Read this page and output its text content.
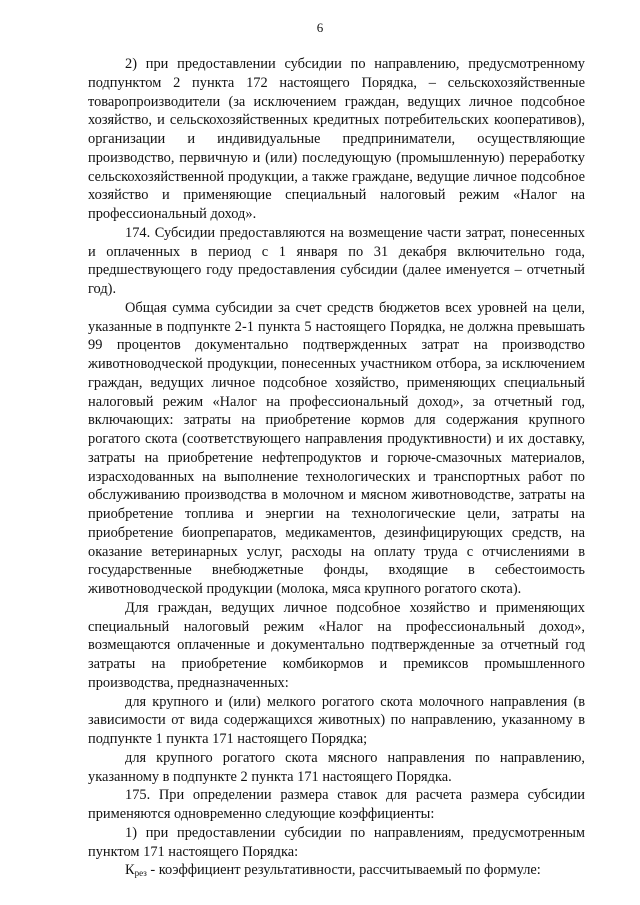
6

2) при предоставлении субсидии по направлению, предусмотренному подпунктом 2 пункта 172 настоящего Порядка, – сельскохозяйственные товаропроизводители (за исключением граждан, ведущих личное подсобное хозяйство, и сельскохозяйственных кредитных потребительских кооперативов), организации и индивидуальные предприниматели, осуществляющие производство, первичную и (или) последующую (промышленную) переработку сельскохозяйственной продукции, а также граждане, ведущие личное подсобное хозяйство и применяющие специальный налоговый режим «Налог на профессиональный доход».

174. Субсидии предоставляются на возмещение части затрат, понесенных и оплаченных в период с 1 января по 31 декабря включительно года, предшествующего году предоставления субсидии (далее именуется – отчетный год).

Общая сумма субсидии за счет средств бюджетов всех уровней на цели, указанные в подпункте 2-1 пункта 5 настоящего Порядка, не должна превышать 99 процентов документально подтвержденных затрат на производство животноводческой продукции, понесенных участником отбора, за исключением граждан, ведущих личное подсобное хозяйство, применяющих специальный налоговый режим «Налог на профессиональный доход», за отчетный год, включающих: затраты на приобретение кормов для содержания крупного рогатого скота (соответствующего направления продуктивности) и их доставку, затраты на приобретение нефтепродуктов и горюче-смазочных материалов, израсходованных на выполнение технологических и транспортных работ по обслуживанию производства в молочном и мясном животноводстве, затраты на приобретение топлива и энергии на технологические цели, затраты на приобретение биопрепаратов, медикаментов, дезинфицирующих средств, на оказание ветеринарных услуг, расходы на оплату труда с отчислениями в государственные внебюджетные фонды, входящие в себестоимость животноводческой продукции (молока, мяса крупного рогатого скота).

Для граждан, ведущих личное подсобное хозяйство и применяющих специальный налоговый режим «Налог на профессиональный доход», возмещаются оплаченные и документально подтвержденные за отчетный год затраты на приобретение комбикормов и премиксов промышленного производства, предназначенных:

для крупного и (или) мелкого рогатого скота молочного направления (в зависимости от вида содержащихся животных) по направлению, указанному в подпункте 1 пункта 171 настоящего Порядка;

для крупного рогатого скота мясного направления по направлению, указанному в подпункте 2 пункта 171 настоящего Порядка.

175. При определении размера ставок для расчета размера субсидии применяются одновременно следующие коэффициенты:

1) при предоставлении субсидии по направлениям, предусмотренным пунктом 171 настоящего Порядка:

$К_{рез}$ - коэффициент результативности, рассчитываемый по формуле:
